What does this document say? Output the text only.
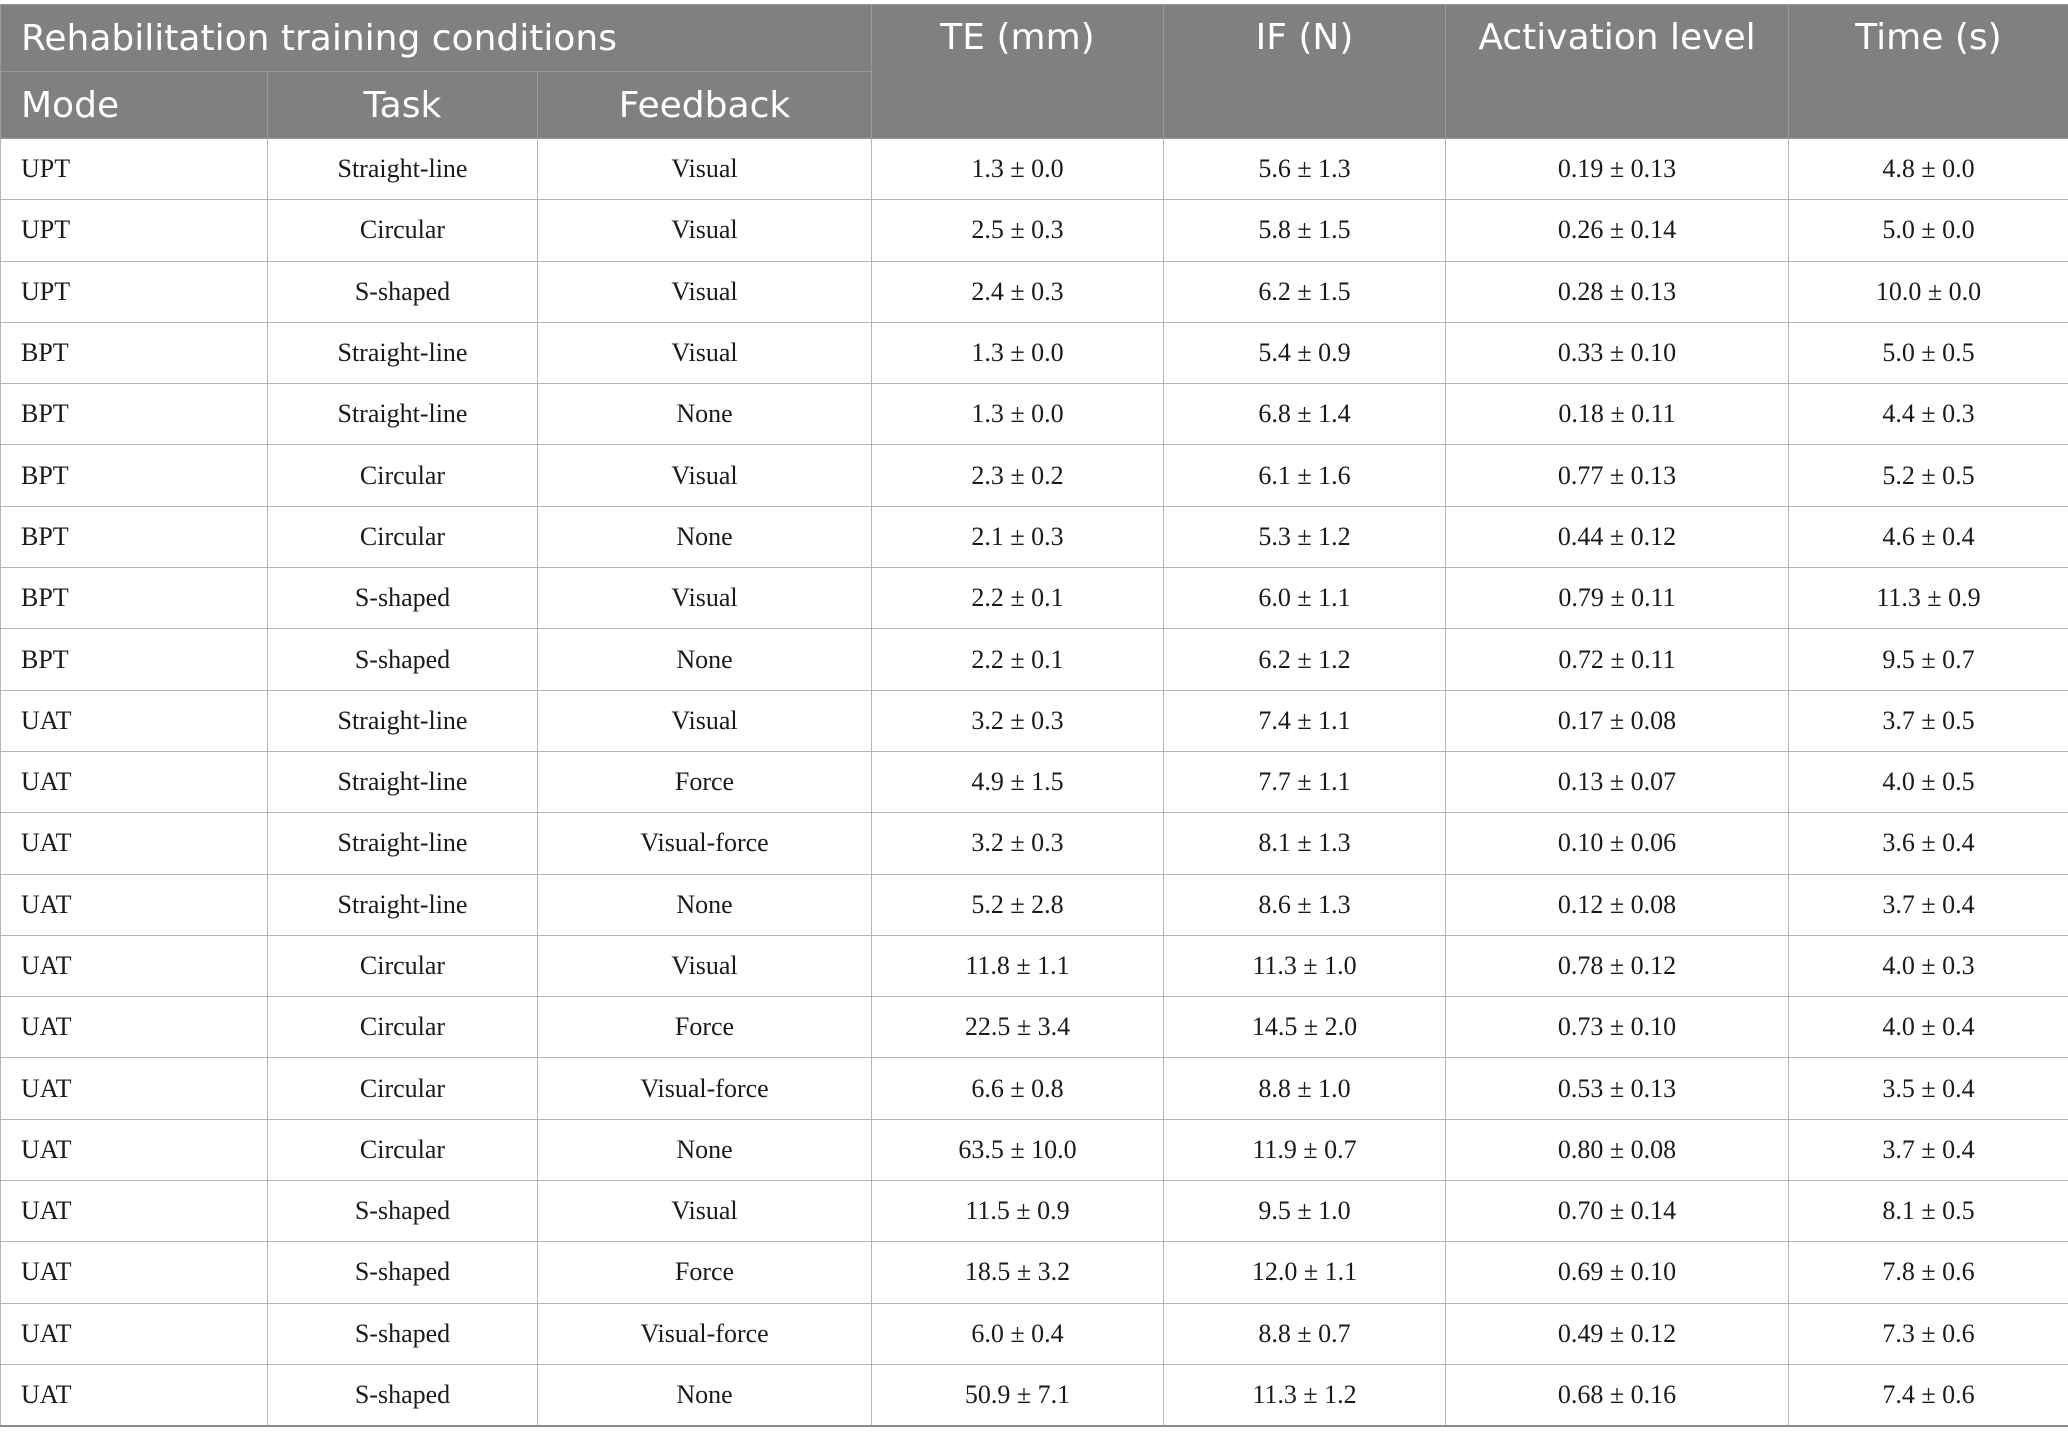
Rehabilitation training conditions			TE (mm)	IF (N)	Activation level	Time (s)
Mode	Task	Feedback				
UPT	Straight-line	Visual	1.3 ± 0.0	5.6 ± 1.3	0.19 ± 0.13	4.8 ± 0.0
UPT	Circular	Visual	2.5 ± 0.3	5.8 ± 1.5	0.26 ± 0.14	5.0 ± 0.0
UPT	S-shaped	Visual	2.4 ± 0.3	6.2 ± 1.5	0.28 ± 0.13	10.0 ± 0.0
BPT	Straight-line	Visual	1.3 ± 0.0	5.4 ± 0.9	0.33 ± 0.10	5.0 ± 0.5
BPT	Straight-line	None	1.3 ± 0.0	6.8 ± 1.4	0.18 ± 0.11	4.4 ± 0.3
BPT	Circular	Visual	2.3 ± 0.2	6.1 ± 1.6	0.77 ± 0.13	5.2 ± 0.5
BPT	Circular	None	2.1 ± 0.3	5.3 ± 1.2	0.44 ± 0.12	4.6 ± 0.4
BPT	S-shaped	Visual	2.2 ± 0.1	6.0 ± 1.1	0.79 ± 0.11	11.3 ± 0.9
BPT	S-shaped	None	2.2 ± 0.1	6.2 ± 1.2	0.72 ± 0.11	9.5 ± 0.7
UAT	Straight-line	Visual	3.2 ± 0.3	7.4 ± 1.1	0.17 ± 0.08	3.7 ± 0.5
UAT	Straight-line	Force	4.9 ± 1.5	7.7 ± 1.1	0.13 ± 0.07	4.0 ± 0.5
UAT	Straight-line	Visual-force	3.2 ± 0.3	8.1 ± 1.3	0.10 ± 0.06	3.6 ± 0.4
UAT	Straight-line	None	5.2 ± 2.8	8.6 ± 1.3	0.12 ± 0.08	3.7 ± 0.4
UAT	Circular	Visual	11.8 ± 1.1	11.3 ± 1.0	0.78 ± 0.12	4.0 ± 0.3
UAT	Circular	Force	22.5 ± 3.4	14.5 ± 2.0	0.73 ± 0.10	4.0 ± 0.4
UAT	Circular	Visual-force	6.6 ± 0.8	8.8 ± 1.0	0.53 ± 0.13	3.5 ± 0.4
UAT	Circular	None	63.5 ± 10.0	11.9 ± 0.7	0.80 ± 0.08	3.7 ± 0.4
UAT	S-shaped	Visual	11.5 ± 0.9	9.5 ± 1.0	0.70 ± 0.14	8.1 ± 0.5
UAT	S-shaped	Force	18.5 ± 3.2	12.0 ± 1.1	0.69 ± 0.10	7.8 ± 0.6
UAT	S-shaped	Visual-force	6.0 ± 0.4	8.8 ± 0.7	0.49 ± 0.12	7.3 ± 0.6
UAT	S-shaped	None	50.9 ± 7.1	11.3 ± 1.2	0.68 ± 0.16	7.4 ± 0.6
